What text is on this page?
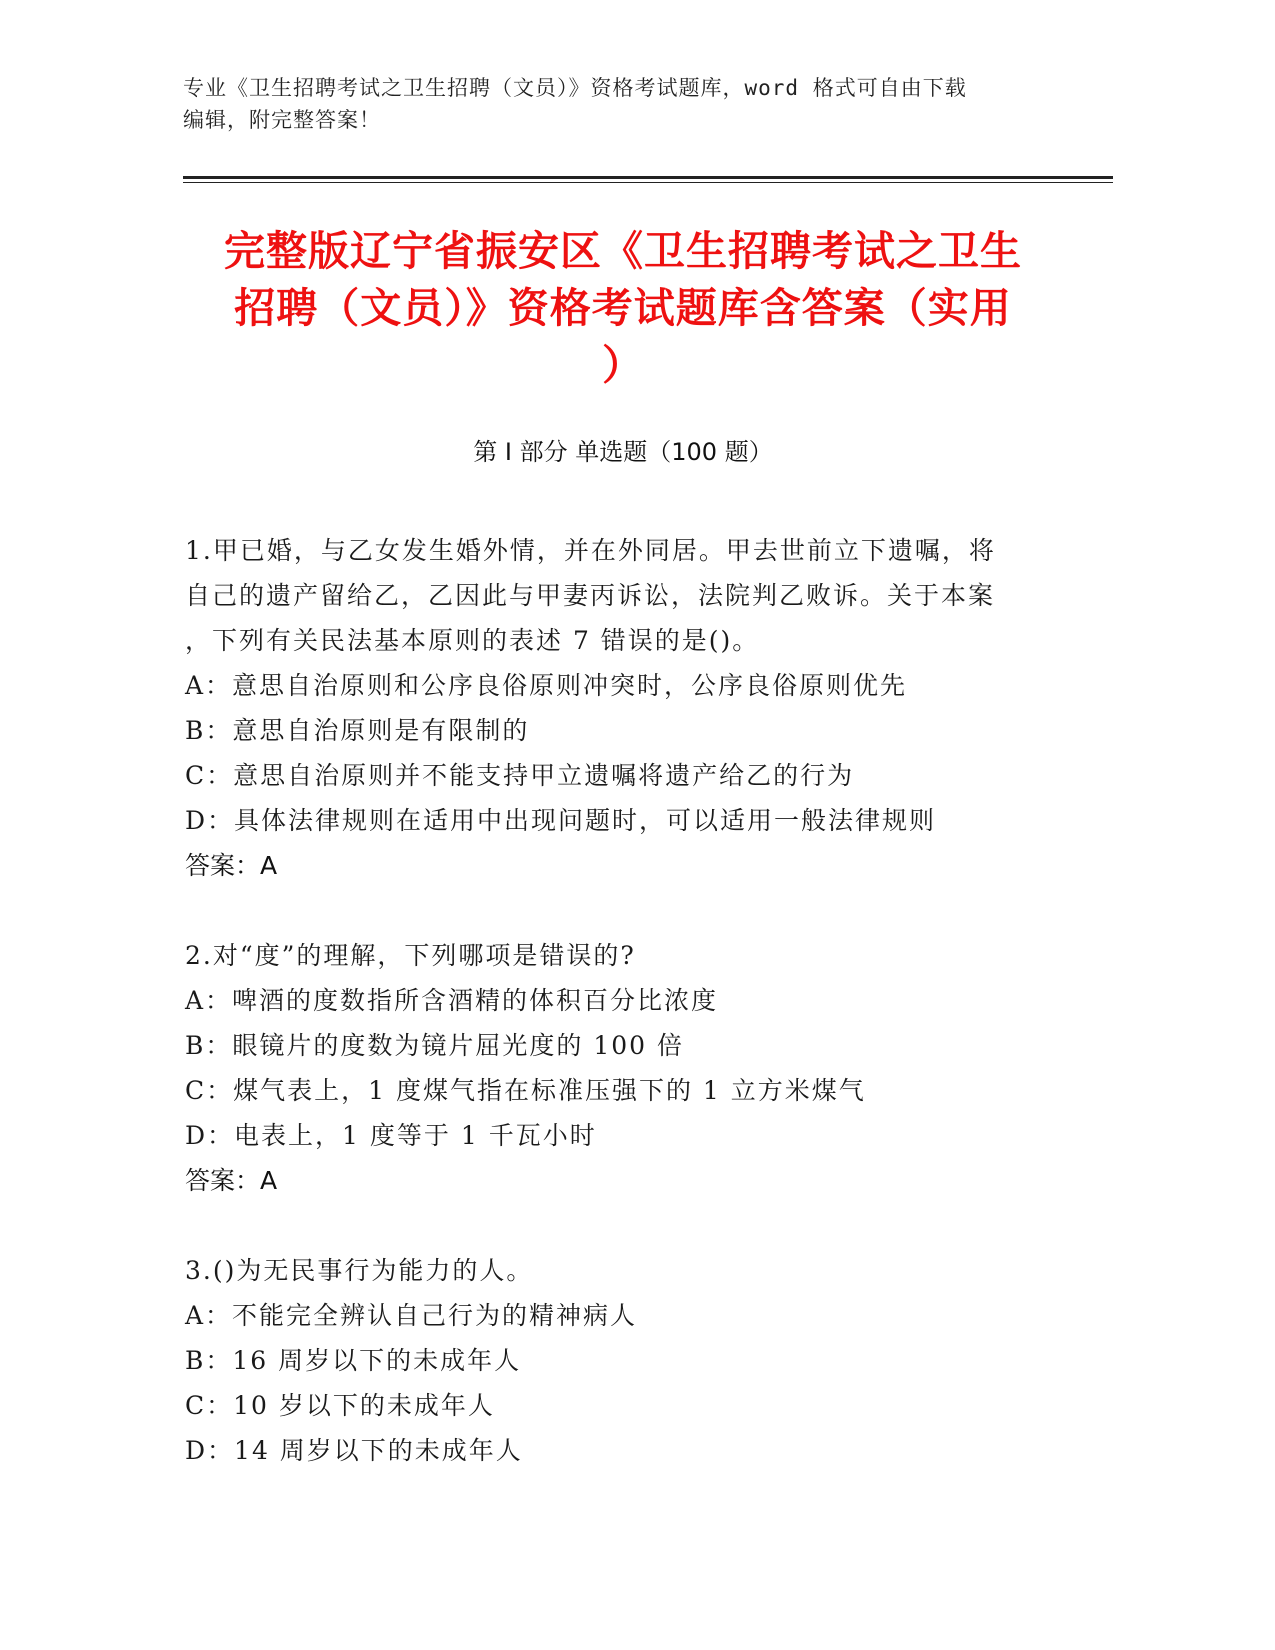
专业《卫生招聘考试之卫生招聘（文员）》资格考试题库，word 格式可自由下载
编辑，附完整答案！
完整版辽宁省振安区《卫生招聘考试之卫生
招聘（文员）》资格考试题库含答案（实用
）
第 I 部分 单选题（100 题）
1.甲已婚，与乙女发生婚外情，并在外同居。甲去世前立下遗嘱，将
自己的遗产留给乙，乙因此与甲妻丙诉讼，法院判乙败诉。关于本案
，下列有关民法基本原则的表述 7 错误的是()。
A：意思自治原则和公序良俗原则冲突时，公序良俗原则优先
B：意思自治原则是有限制的
C：意思自治原则并不能支持甲立遗嘱将遗产给乙的行为
D：具体法律规则在适用中出现问题时，可以适用一般法律规则
答案：A
2.对“度”的理解，下列哪项是错误的?
A：啤酒的度数指所含酒精的体积百分比浓度
B：眼镜片的度数为镜片屈光度的 100 倍
C：煤气表上，1 度煤气指在标准压强下的 1 立方米煤气
D：电表上，1 度等于 1 千瓦小时
答案：A
3.()为无民事行为能力的人。
A：不能完全辨认自己行为的精神病人
B：16 周岁以下的未成年人
C：10 岁以下的未成年人
D：14 周岁以下的未成年人
